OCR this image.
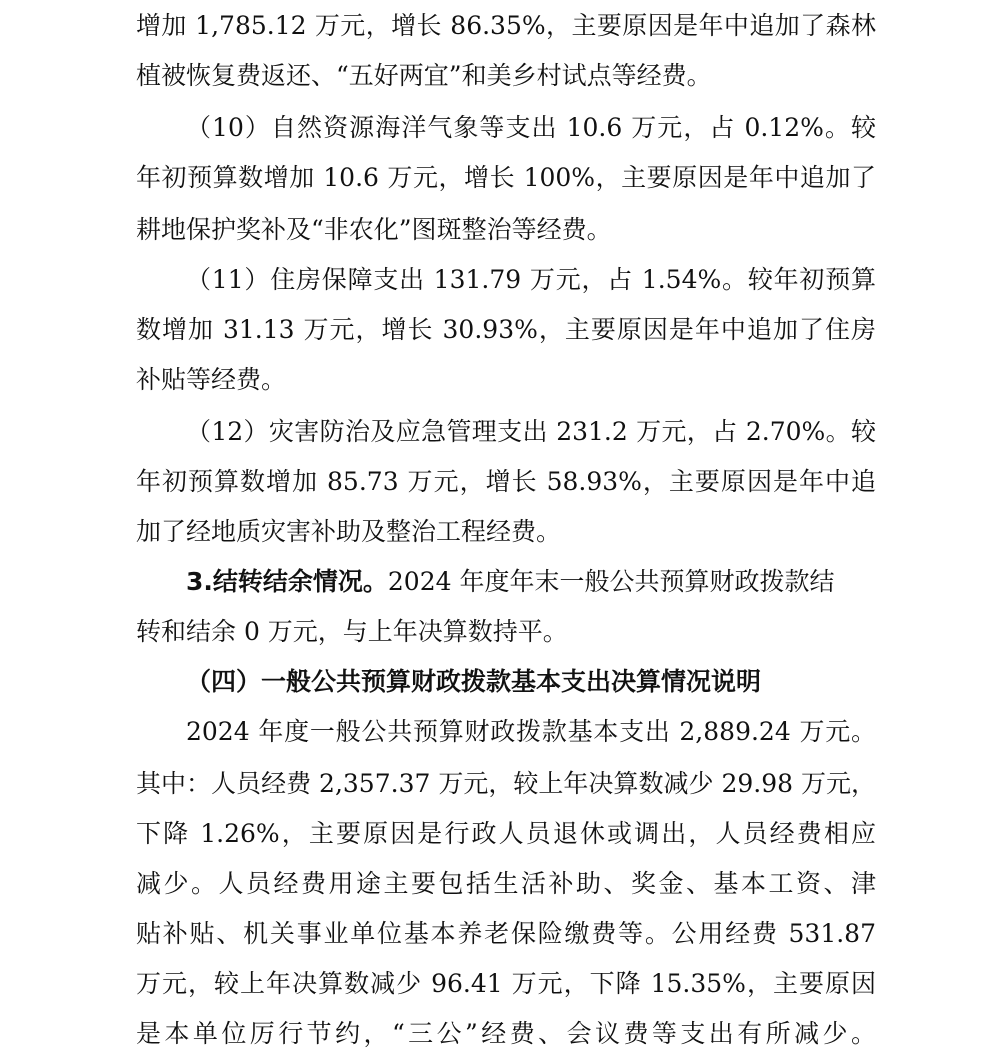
增加 1,785.12 万元，增长 86.35%，主要原因是年中追加了森林
植被恢复费返还、“五好两宜”和美乡村试点等经费。
（10）自然资源海洋气象等支出 10.6 万元，占 0.12%。较
年初预算数增加 10.6 万元，增长 100%，主要原因是年中追加了
耕地保护奖补及“非农化”图斑整治等经费。
（11）住房保障支出 131.79 万元，占 1.54%。较年初预算
数增加 31.13 万元，增长 30.93%，主要原因是年中追加了住房
补贴等经费。
（12）灾害防治及应急管理支出 231.2 万元，占 2.70%。较
年初预算数增加 85.73 万元，增长 58.93%，主要原因是年中追
加了经地质灾害补助及整治工程经费。
3.结转结余情况。2024 年度年末一般公共预算财政拨款结
转和结余 0 万元，与上年决算数持平。
（四）一般公共预算财政拨款基本支出决算情况说明
2024 年度一般公共预算财政拨款基本支出 2,889.24 万元。
其中：人员经费 2,357.37 万元，较上年决算数减少 29.98 万元，
下降 1.26%，主要原因是行政人员退休或调出，人员经费相应
减少。人员经费用途主要包括生活补助、奖金、基本工资、津
贴补贴、机关事业单位基本养老保险缴费等。公用经费 531.87
万元，较上年决算数减少 96.41 万元，下降 15.35%，主要原因
是本单位厉行节约，“三公”经费、会议费等支出有所减少。
